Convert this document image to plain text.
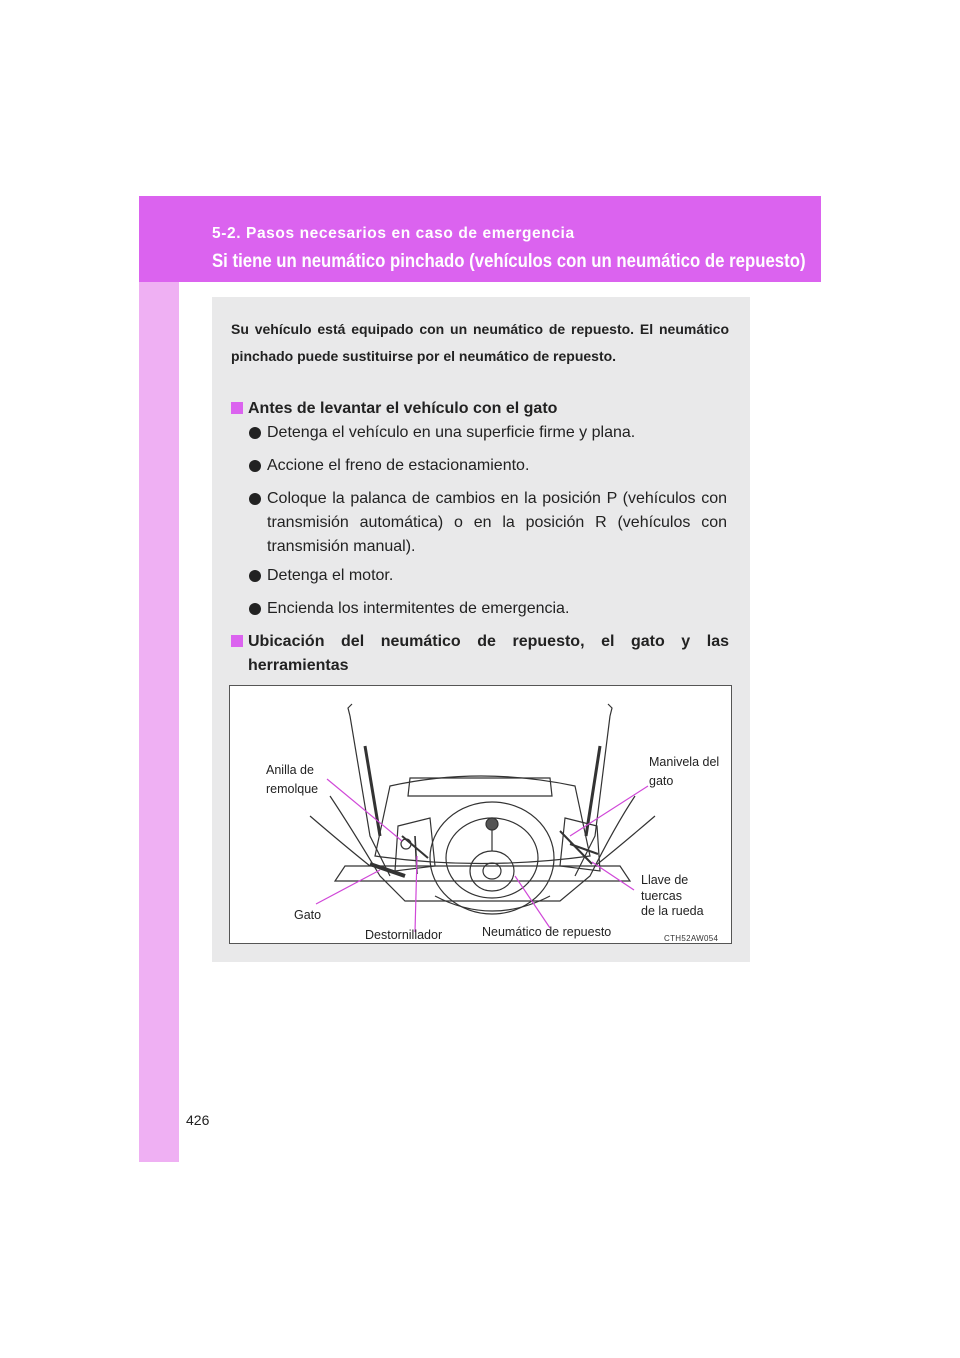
5-2. Pasos necesarios en caso de emergencia
Si tiene un neumático pinchado (vehículos con un neumático de repuesto)
Su vehículo está equipado con un neumático de repuesto. El neumático pinchado puede sustituirse por el neumático de repuesto.
Antes de levantar el vehículo con el gato
Detenga el vehículo en una superficie firme y plana.
Accione el freno de estacionamiento.
Coloque la palanca de cambios en la posición P (vehículos con transmisión automática) o en la posición R (vehículos con transmisión manual).
Detenga el motor.
Encienda los intermitentes de emergencia.
Ubicación del neumático de repuesto, el gato y las herramientas
Anilla de
remolque
Manivela del
gato
Llave de
tuercas
de la rueda
Gato
Destornillador	Neumático de repuesto	CTH52AW054
426
